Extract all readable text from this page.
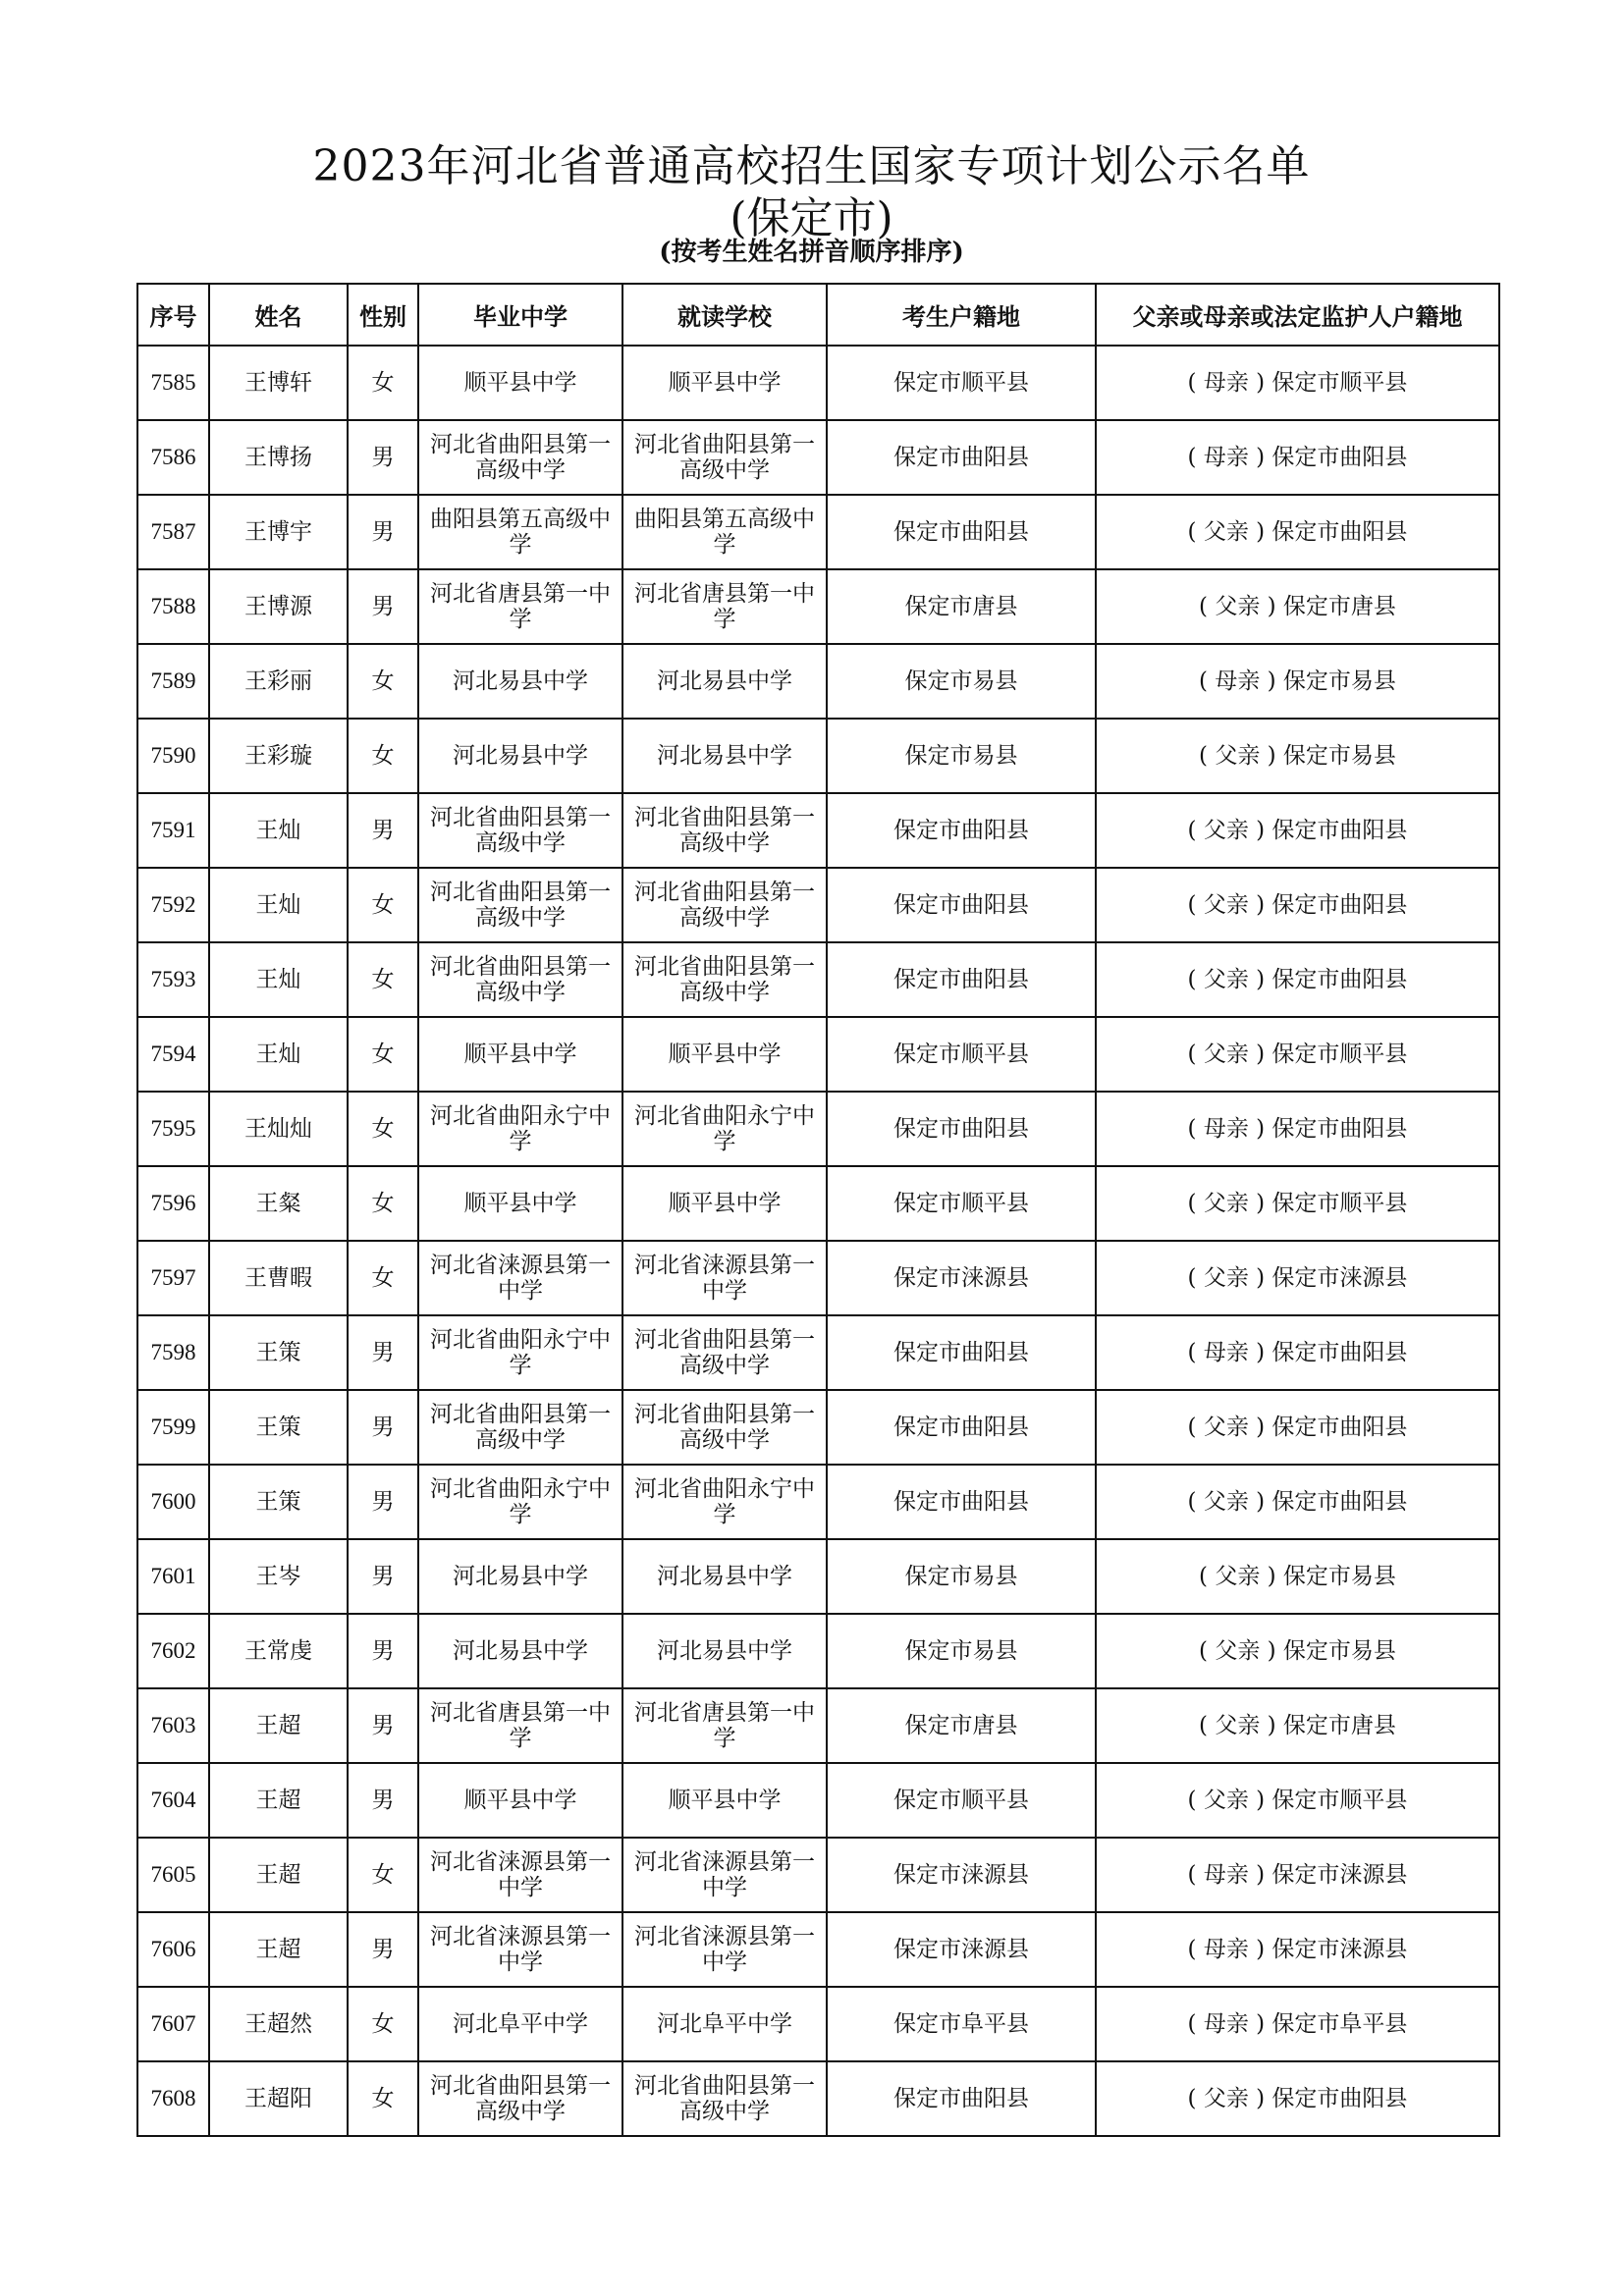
2023年河北省普通高校招生国家专项计划公示名单
(保定市)
(按考生姓名拼音顺序排序)
序号	姓名	性别	毕业中学	就读学校	考生户籍地	父亲或母亲或法定监护人户籍地
7585	王博轩	女	顺平县中学	顺平县中学	保定市顺平县	( 母亲 ) 保定市顺平县
7586	王博扬	男	河北省曲阳县第一高级中学	河北省曲阳县第一高级中学	保定市曲阳县	( 母亲 ) 保定市曲阳县
7587	王博宇	男	曲阳县第五高级中学	曲阳县第五高级中学	保定市曲阳县	( 父亲 ) 保定市曲阳县
7588	王博源	男	河北省唐县第一中学	河北省唐县第一中学	保定市唐县	( 父亲 ) 保定市唐县
7589	王彩丽	女	河北易县中学	河北易县中学	保定市易县	( 母亲 ) 保定市易县
7590	王彩璇	女	河北易县中学	河北易县中学	保定市易县	( 父亲 ) 保定市易县
7591	王灿	男	河北省曲阳县第一高级中学	河北省曲阳县第一高级中学	保定市曲阳县	( 父亲 ) 保定市曲阳县
7592	王灿	女	河北省曲阳县第一高级中学	河北省曲阳县第一高级中学	保定市曲阳县	( 父亲 ) 保定市曲阳县
7593	王灿	女	河北省曲阳县第一高级中学	河北省曲阳县第一高级中学	保定市曲阳县	( 父亲 ) 保定市曲阳县
7594	王灿	女	顺平县中学	顺平县中学	保定市顺平县	( 父亲 ) 保定市顺平县
7595	王灿灿	女	河北省曲阳永宁中学	河北省曲阳永宁中学	保定市曲阳县	( 母亲 ) 保定市曲阳县
7596	王粲	女	顺平县中学	顺平县中学	保定市顺平县	( 父亲 ) 保定市顺平县
7597	王曹暇	女	河北省涞源县第一中学	河北省涞源县第一中学	保定市涞源县	( 父亲 ) 保定市涞源县
7598	王策	男	河北省曲阳永宁中学	河北省曲阳县第一高级中学	保定市曲阳县	( 母亲 ) 保定市曲阳县
7599	王策	男	河北省曲阳县第一高级中学	河北省曲阳县第一高级中学	保定市曲阳县	( 父亲 ) 保定市曲阳县
7600	王策	男	河北省曲阳永宁中学	河北省曲阳永宁中学	保定市曲阳县	( 父亲 ) 保定市曲阳县
7601	王岑	男	河北易县中学	河北易县中学	保定市易县	( 父亲 ) 保定市易县
7602	王常虔	男	河北易县中学	河北易县中学	保定市易县	( 父亲 ) 保定市易县
7603	王超	男	河北省唐县第一中学	河北省唐县第一中学	保定市唐县	( 父亲 ) 保定市唐县
7604	王超	男	顺平县中学	顺平县中学	保定市顺平县	( 父亲 ) 保定市顺平县
7605	王超	女	河北省涞源县第一中学	河北省涞源县第一中学	保定市涞源县	( 母亲 ) 保定市涞源县
7606	王超	男	河北省涞源县第一中学	河北省涞源县第一中学	保定市涞源县	( 母亲 ) 保定市涞源县
7607	王超然	女	河北阜平中学	河北阜平中学	保定市阜平县	( 母亲 ) 保定市阜平县
7608	王超阳	女	河北省曲阳县第一高级中学	河北省曲阳县第一高级中学	保定市曲阳县	( 父亲 ) 保定市曲阳县
